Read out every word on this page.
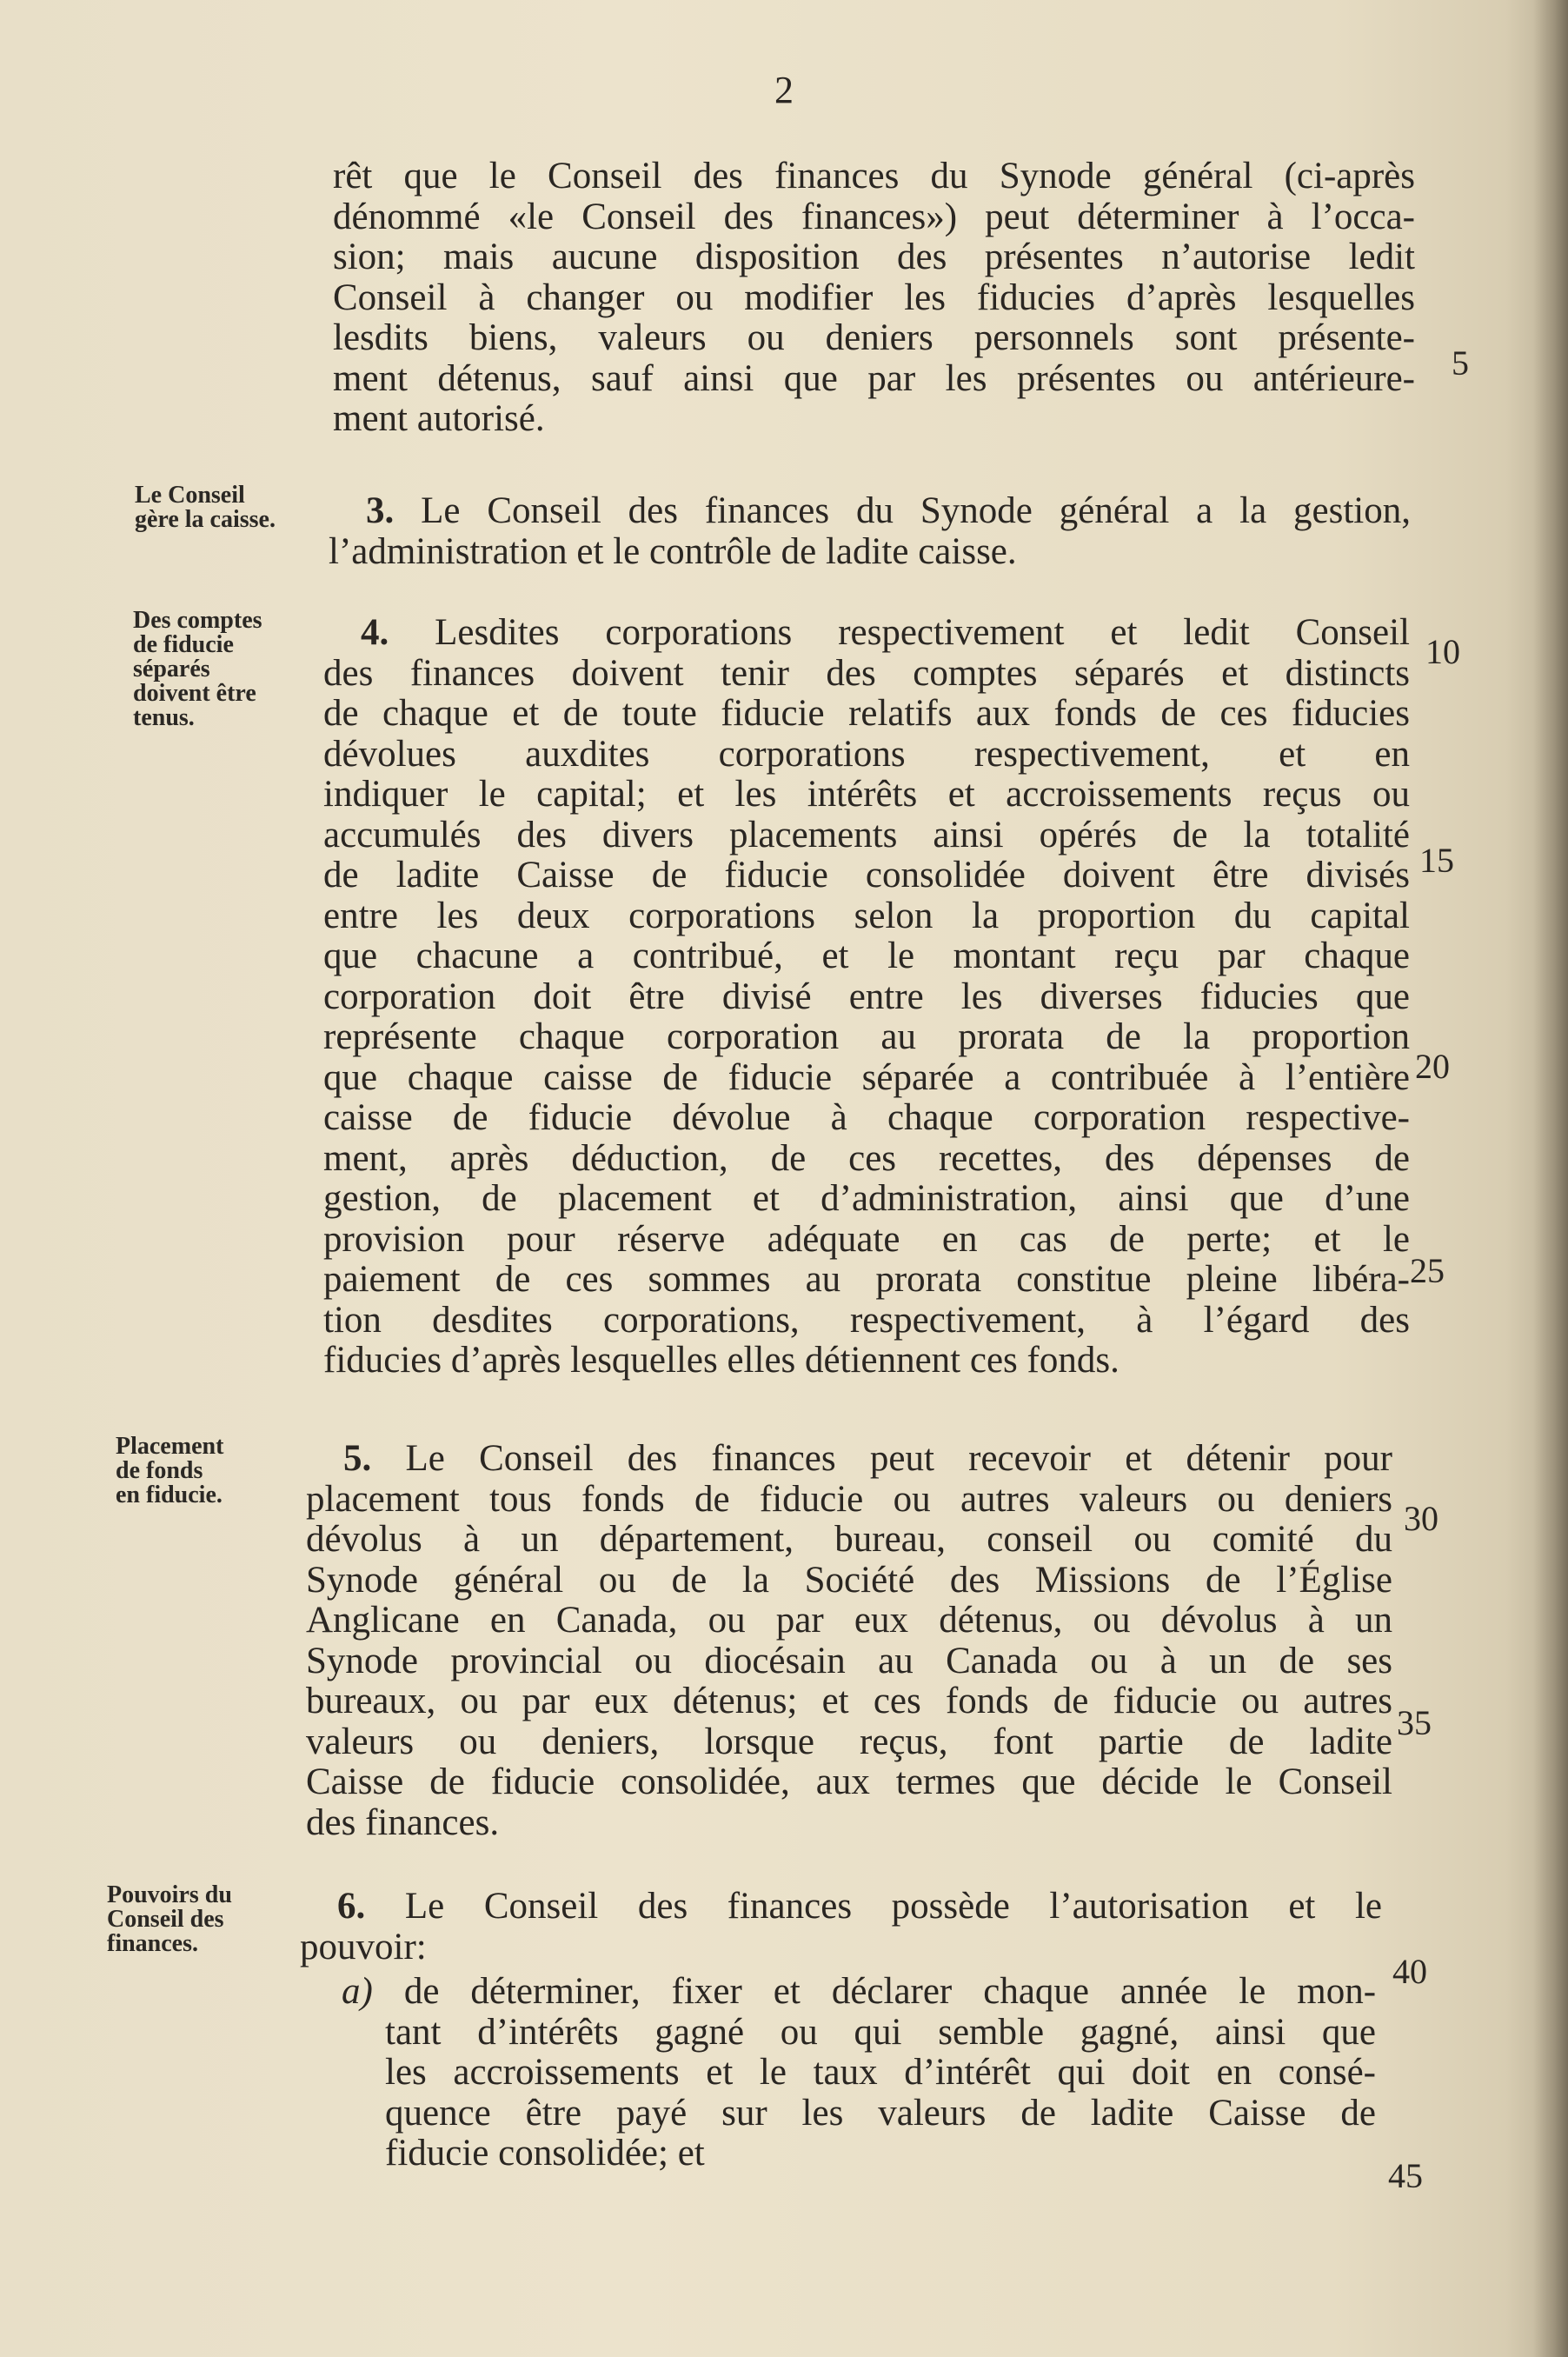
2
Le Conseil
gère la caisse.
Des comptes
de fiducie
séparés
doivent être
tenus.
Placement
de fonds
en fiducie.
Pouvoirs du
Conseil des
finances.
rêt que le Conseil des finances du Synode général (ci-après
dénommé «le Conseil des finances») peut déterminer à l’occa-
sion; mais aucune disposition des présentes n’autorise ledit
Conseil à changer ou modifier les fiducies d’après lesquelles
lesdits biens, valeurs ou deniers personnels sont présente-
ment détenus, sauf ainsi que par les présentes ou antérieure-
ment autorisé.
 3. Le Conseil des finances du Synode général a la gestion,
l’administration et le contrôle de ladite caisse.
 4. Lesdites corporations respectivement et ledit Conseil
des finances doivent tenir des comptes séparés et distincts
de chaque et de toute fiducie relatifs aux fonds de ces fiducies
dévolues auxdites corporations respectivement, et en
indiquer le capital; et les intérêts et accroissements reçus ou
accumulés des divers placements ainsi opérés de la totalité
de ladite Caisse de fiducie consolidée doivent être divisés
entre les deux corporations selon la proportion du capital
que chacune a contribué, et le montant reçu par chaque
corporation doit être divisé entre les diverses fiducies que
représente chaque corporation au prorata de la proportion
que chaque caisse de fiducie séparée a contribuée à l’entière
caisse de fiducie dévolue à chaque corporation respective-
ment, après déduction, de ces recettes, des dépenses de
gestion, de placement et d’administration, ainsi que d’une
provision pour réserve adéquate en cas de perte; et le
paiement de ces sommes au prorata constitue pleine libéra-
tion desdites corporations, respectivement, à l’égard des
fiducies d’après lesquelles elles détiennent ces fonds.
 5. Le Conseil des finances peut recevoir et détenir pour
placement tous fonds de fiducie ou autres valeurs ou deniers
dévolus à un département, bureau, conseil ou comité du
Synode général ou de la Société des Missions de l’Église
Anglicane en Canada, ou par eux détenus, ou dévolus à un
Synode provincial ou diocésain au Canada ou à un de ses
bureaux, ou par eux détenus; et ces fonds de fiducie ou autres
valeurs ou deniers, lorsque reçus, font partie de ladite
Caisse de fiducie consolidée, aux termes que décide le Conseil
des finances.
 6. Le Conseil des finances possède l’autorisation et le
pouvoir:
a) de déterminer, fixer et déclarer chaque année le mon-
tant d’intérêts gagné ou qui semble gagné, ainsi que
les accroissements et le taux d’intérêt qui doit en consé-
quence être payé sur les valeurs de ladite Caisse de
fiducie consolidée; et
5
10
15
20
25
30
35
40
45
